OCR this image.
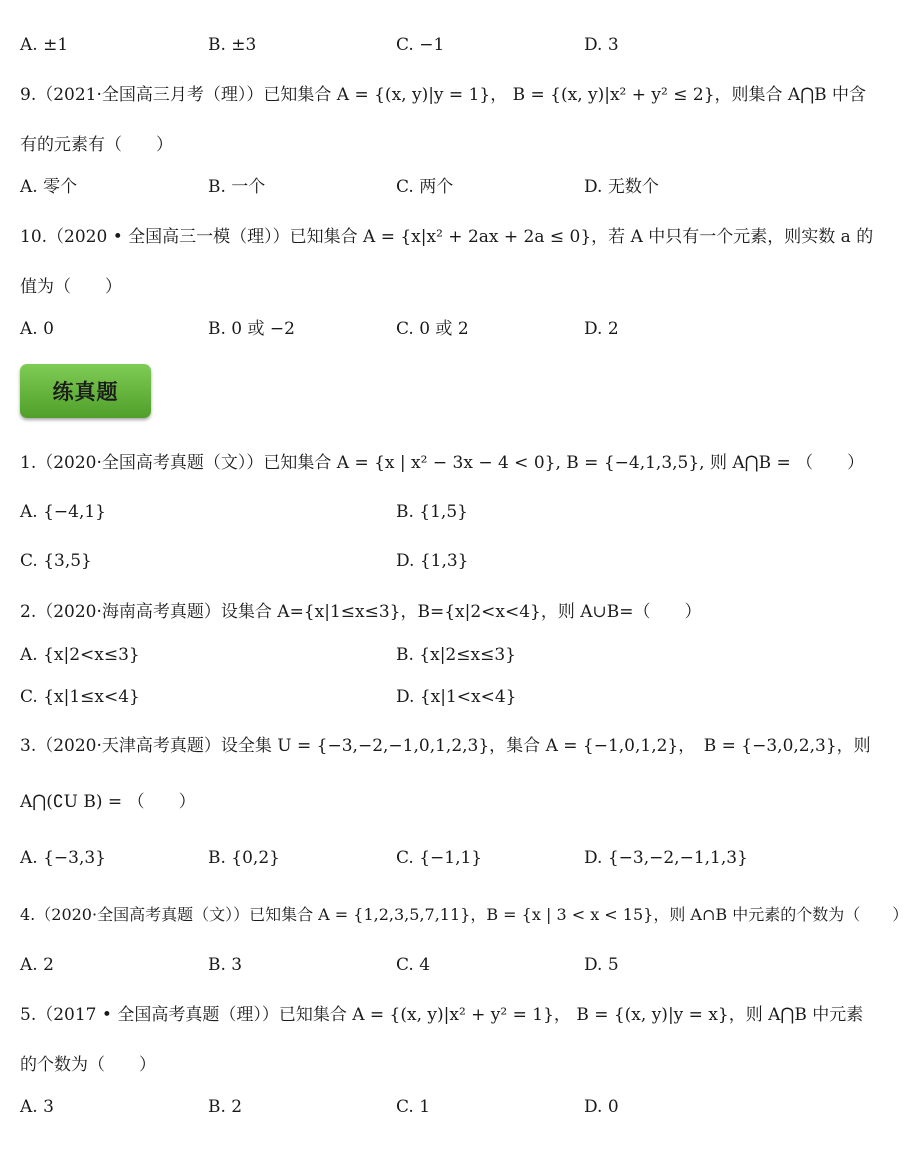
A. ±1	B. ±3	C. −1	D. 3
9.（2021·全国高三月考（理））已知集合 A = {(x, y)|y = 1}， B = {(x, y)|x² + y² ≤ 2}，则集合 A⋂B 中含
有的元素有（　　）
A. 零个	B. 一个	C. 两个	D. 无数个
10.（2020 • 全国高三一模（理））已知集合 A = {x|x² + 2ax + 2a ≤ 0}，若 A 中只有一个元素，则实数 a 的
值为（　　）
A. 0	B. 0 或 −2	C. 0 或 2	D. 2
练真题
1.（2020·全国高考真题（文））已知集合 A = {x | x² − 3x − 4 < 0}, B = {−4,1,3,5}, 则 A⋂B = （　　）
A. {−4,1}	B. {1,5}
C. {3,5}	D. {1,3}
2.（2020·海南高考真题）设集合 A={x|1≤x≤3}，B={x|2<x<4}，则 A∪B=（　　）
A. {x|2<x≤3}	B. {x|2≤x≤3}
C. {x|1≤x<4}	D. {x|1<x<4}
3.（2020·天津高考真题）设全集 U = {−3,−2,−1,0,1,2,3}，集合 A = {−1,0,1,2}，　B = {−3,0,2,3}，则
A⋂(∁U B) = （　　）
A. {−3,3}	B. {0,2}	C. {−1,1}	D. {−3,−2,−1,1,3}
4.（2020·全国高考真题（文））已知集合 A = {1,2,3,5,7,11}，B = {x | 3 < x < 15}，则 A∩B 中元素的个数为（　　）
A. 2	B. 3	C. 4	D. 5
5.（2017 • 全国高考真题（理））已知集合 A = {(x, y)|x² + y² = 1}， B = {(x, y)|y = x}，则 A⋂B 中元素
的个数为（　　）
A. 3	B. 2	C. 1	D. 0
